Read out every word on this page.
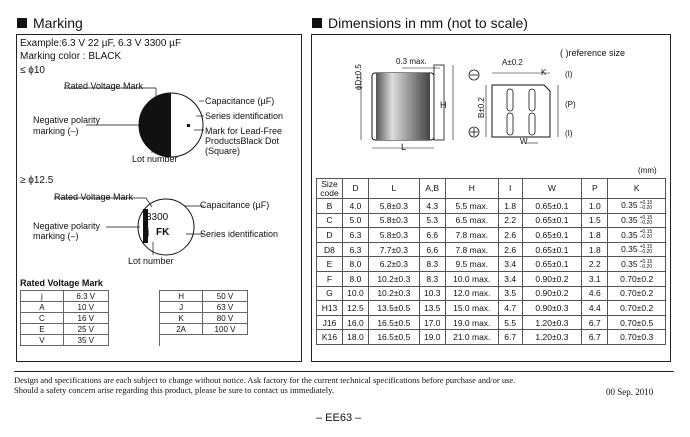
Marking	Dimensions in mm (not to scale)
Example:6.3 V 22 µF, 6.3 V 3300 µF
Marking color : BLACK
≤ ϕ10
Rated Voltage Mark
22
j FK
Capacitance (µF)
Series identification
Negative polarity
marking (–)	Mark for Lead-Free
ProductsBlack Dot
(Square)
Lot number
≥ ϕ12.5
Rated Voltage Mark
3300
j FK
Capacitance (µF)
Series identification
Negative polarity
marking (–)
Lot number
Rated Voltage Mark
j	6.3 V		H	50 V
A	10 V		J	63 V
C	16 V		K	80 V
E	25 V		2A	100 V
V	35 V			
0.3 max.
ϕD±0.5
L
H
A±0.2
B±0.2
K (I)
(P)
(I)
W
( )reference size
(mm)
Size code	D	L	A,B	H	I	W	P	K
B	4.0	5.8±0.3	4.3	5.5 max.	1.8	0.65±0.1	1.0	0.35 +0.15
–0.20

C	5.0	5.8±0.3	5.3	6.5 max.	2.2	0.65±0.1	1.5	0.35 +0.15
–0.20

D	6.3	5.8±0.3	6.6	7.8 max.	2.6	0.65±0.1	1.8	0.35 +0.15
–0.20

D8	6.3	7.7±0.3	6.6	7.8 max.	2.6	0.65±0.1	1.8	0.35 +0.15
–0.20

E	8.0	6.2±0.3	8.3	9.5 max.	3.4	0.65±0.1	2.2	0.35 +0.15
–0.20

F	8.0	10.2±0.3	8.3	10.0 max.	3.4	0.90±0.2	3.1	0.70±0.2
G	10.0	10.2±0.3	10.3	12.0 max.	3.5	0.90±0.2	4.6	0.70±0.2
H13	12.5	13.5±0.5	13.5	15.0 max.	4.7	0.90±0.3	4.4	0.70±0.2
J16	16.0	16.5±0.5	17.0	19.0 max.	5.5	1.20±0.3	6.7	0.70±0.5
K16	18.0	16.5±0.5	19.0	21.0 max.	6.7	1.20±0.3	6.7	0.70±0.3
Design and specifications are each subject to change without notice. Ask factory for the current technical specifications before purchase and/or use.
Should a safety concern arise regarding this product, please be sure to contact us immediately.	00 Sep. 2010
– EE63 –
